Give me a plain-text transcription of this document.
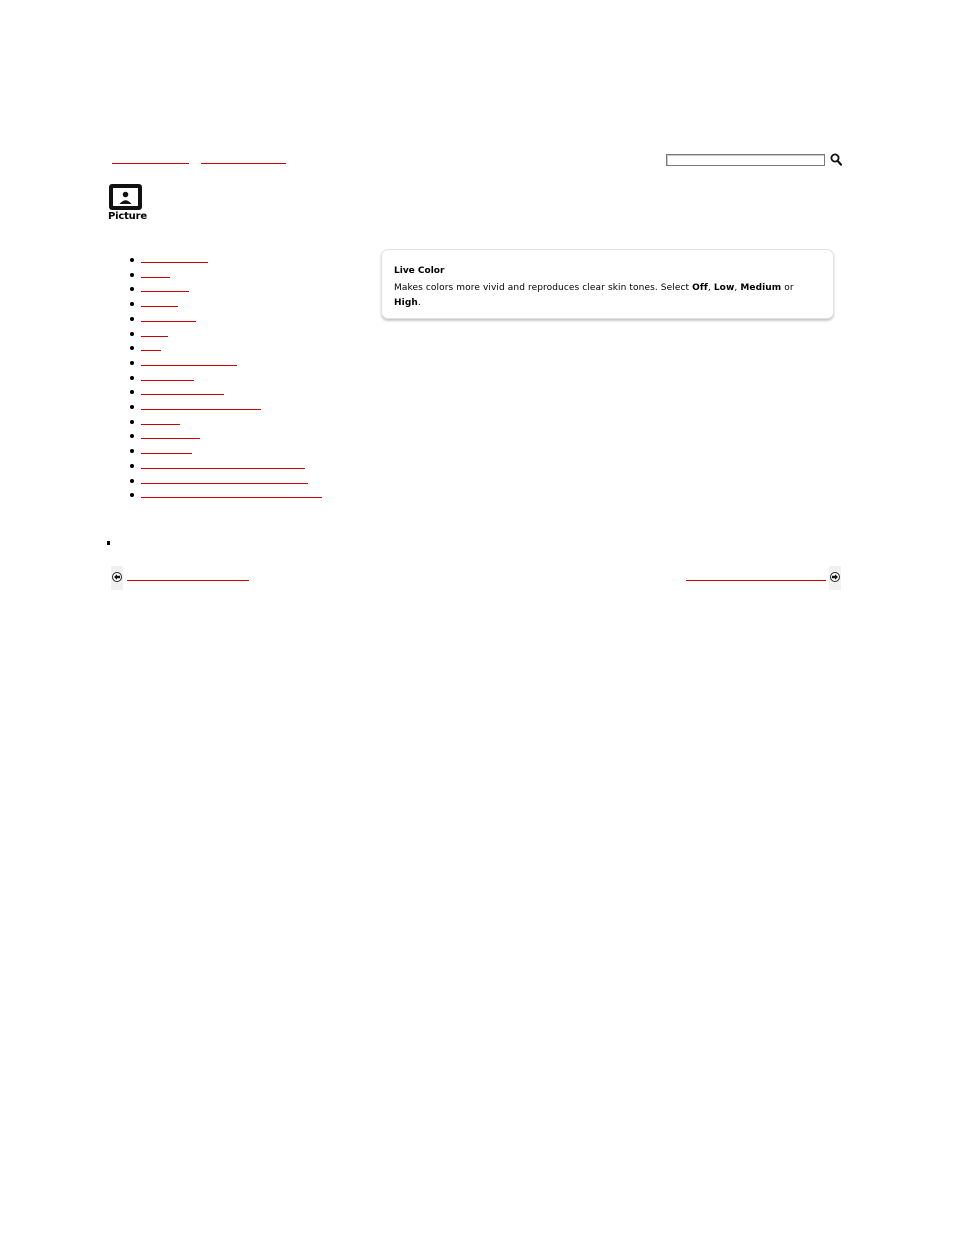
Picture
Live Color
Makes colors more vivid and reproduces clear skin tones. Select Off, Low, Medium or
High.
